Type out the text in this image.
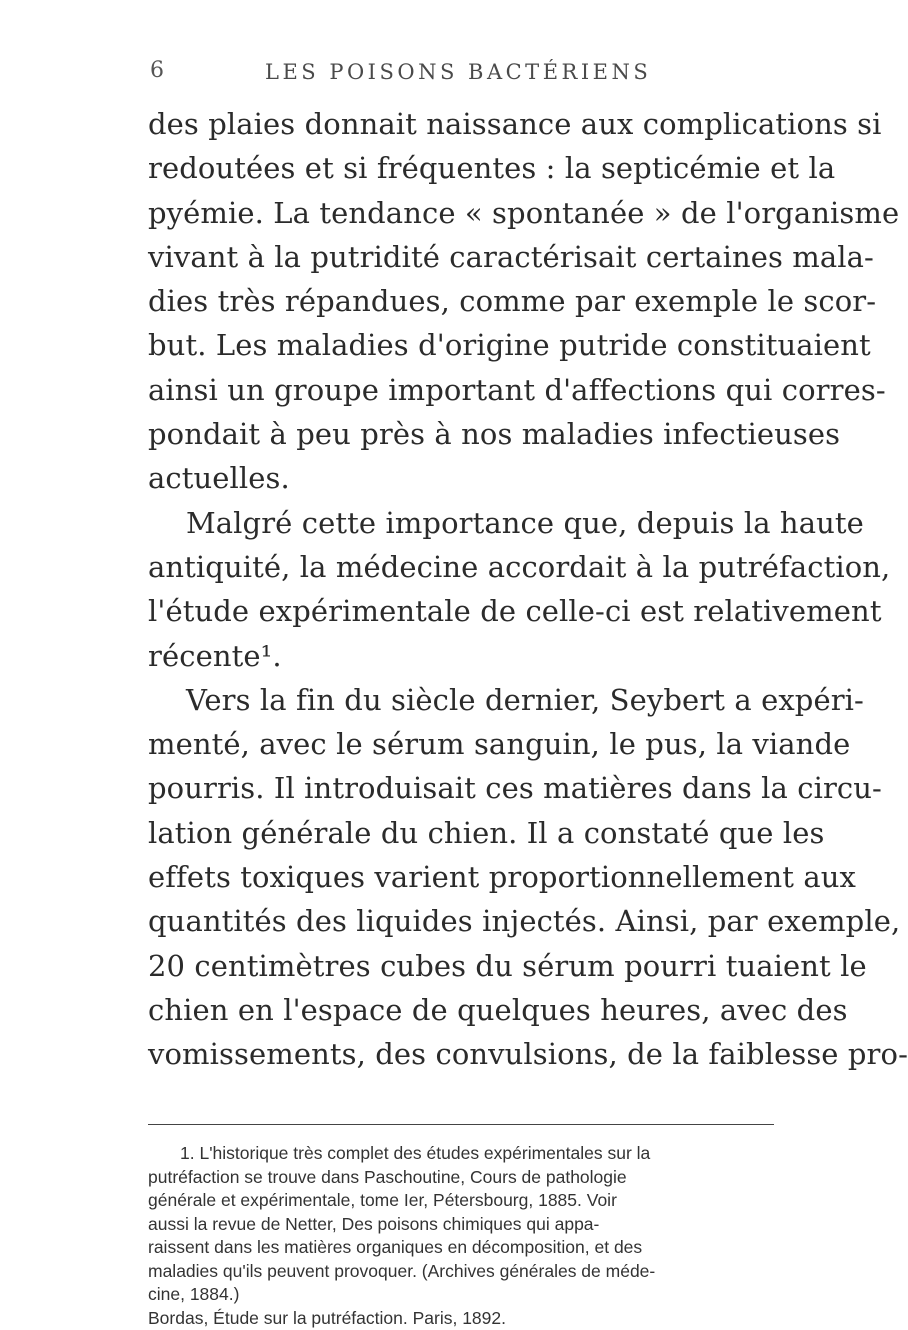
6	LES POISONS BACTÉRIENS
des plaies donnait naissance aux complications si
redoutées et si fréquentes : la septicémie et la
pyémie. La tendance « spontanée » de l'organisme
vivant à la putridité caractérisait certaines mala-
dies très répandues, comme par exemple le scor-
but. Les maladies d'origine putride constituaient
ainsi un groupe important d'affections qui corres-
pondait à peu près à nos maladies infectieuses
actuelles.
Malgré cette importance que, depuis la haute
antiquité, la médecine accordait à la putréfaction,
l'étude expérimentale de celle-ci est relativement
récente¹.
Vers la fin du siècle dernier, Seybert a expéri-
menté, avec le sérum sanguin, le pus, la viande
pourris. Il introduisait ces matières dans la circu-
lation générale du chien. Il a constaté que les
effets toxiques varient proportionnellement aux
quantités des liquides injectés. Ainsi, par exemple,
20 centimètres cubes du sérum pourri tuaient le
chien en l'espace de quelques heures, avec des
vomissements, des convulsions, de la faiblesse pro-
1. L'historique très complet des études expérimentales sur la
putréfaction se trouve dans Paschoutine, Cours de pathologie
générale et expérimentale, tome Ier, Pétersbourg, 1885. Voir
aussi la revue de Netter, Des poisons chimiques qui appa-
raissent dans les matières organiques en décomposition, et des
maladies qu'ils peuvent provoquer. (Archives générales de méde-
cine, 1884.)
Bordas, Étude sur la putréfaction. Paris, 1892.
